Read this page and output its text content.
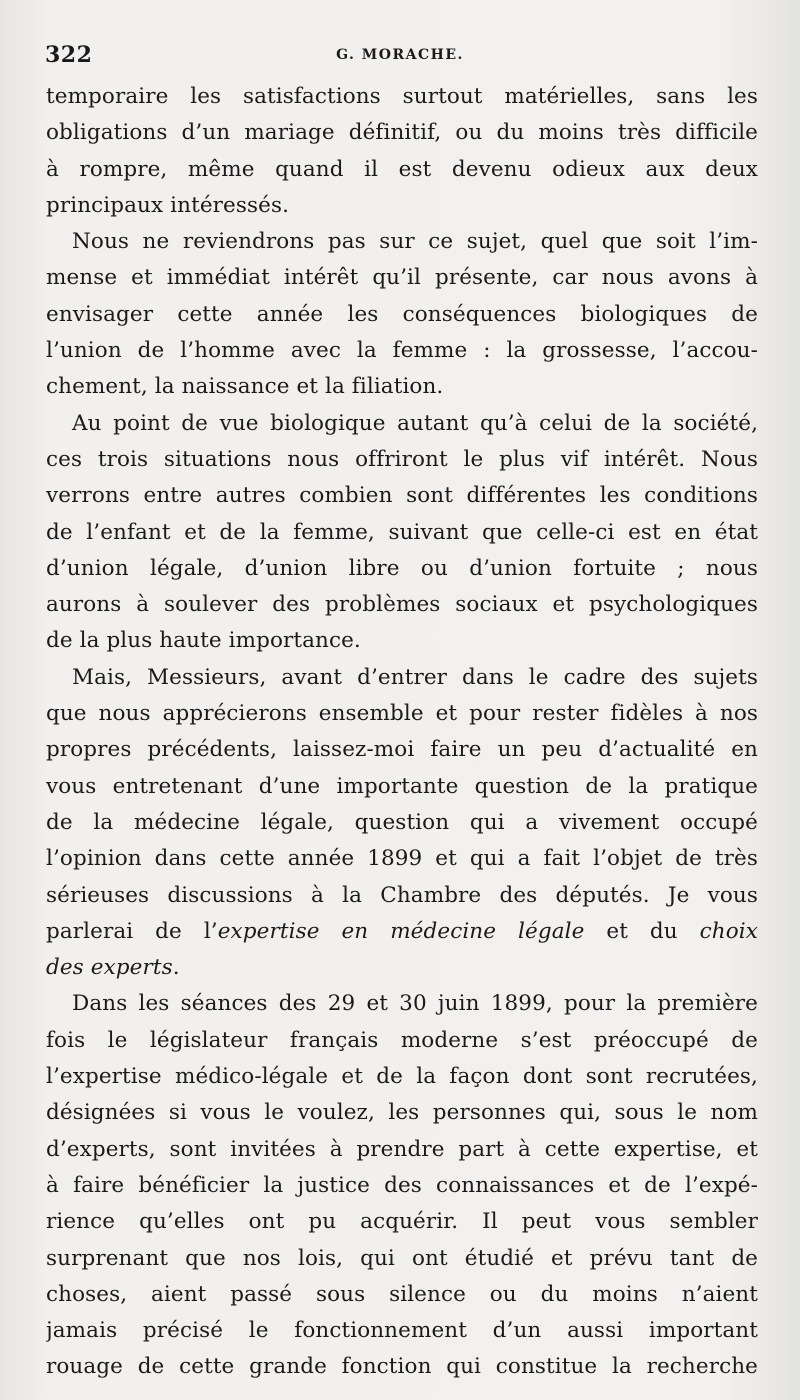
322	G. MORACHE.
temporaire les satisfactions surtout matérielles, sans les
obligations d’un mariage définitif, ou du moins très difficile
à rompre, même quand il est devenu odieux aux deux
principaux intéressés.
Nous ne reviendrons pas sur ce sujet, quel que soit l’im-
mense et immédiat intérêt qu’il présente, car nous avons à
envisager cette année les conséquences biologiques de
l’union de l’homme avec la femme : la grossesse, l’accou-
chement, la naissance et la filiation.
Au point de vue biologique autant qu’à celui de la société,
ces trois situations nous offriront le plus vif intérêt. Nous
verrons entre autres combien sont différentes les conditions
de l’enfant et de la femme, suivant que celle-ci est en état
d’union légale, d’union libre ou d’union fortuite ; nous
aurons à soulever des problèmes sociaux et psychologiques
de la plus haute importance.
Mais, Messieurs, avant d’entrer dans le cadre des sujets
que nous apprécierons ensemble et pour rester fidèles à nos
propres précédents, laissez-moi faire un peu d’actualité en
vous entretenant d’une importante question de la pratique
de la médecine légale, question qui a vivement occupé
l’opinion dans cette année 1899 et qui a fait l’objet de très
sérieuses discussions à la Chambre des députés. Je vous
parlerai de l’expertise en médecine légale et du choix
des experts.
Dans les séances des 29 et 30 juin 1899, pour la première
fois le législateur français moderne s’est préoccupé de
l’expertise médico-légale et de la façon dont sont recrutées,
désignées si vous le voulez, les personnes qui, sous le nom
d’experts, sont invitées à prendre part à cette expertise, et
à faire bénéficier la justice des connaissances et de l’expé-
rience qu’elles ont pu acquérir. Il peut vous sembler
surprenant que nos lois, qui ont étudié et prévu tant de
choses, aient passé sous silence ou du moins n’aient
jamais précisé le fonctionnement d’un aussi important
rouage de cette grande fonction qui constitue la recherche
